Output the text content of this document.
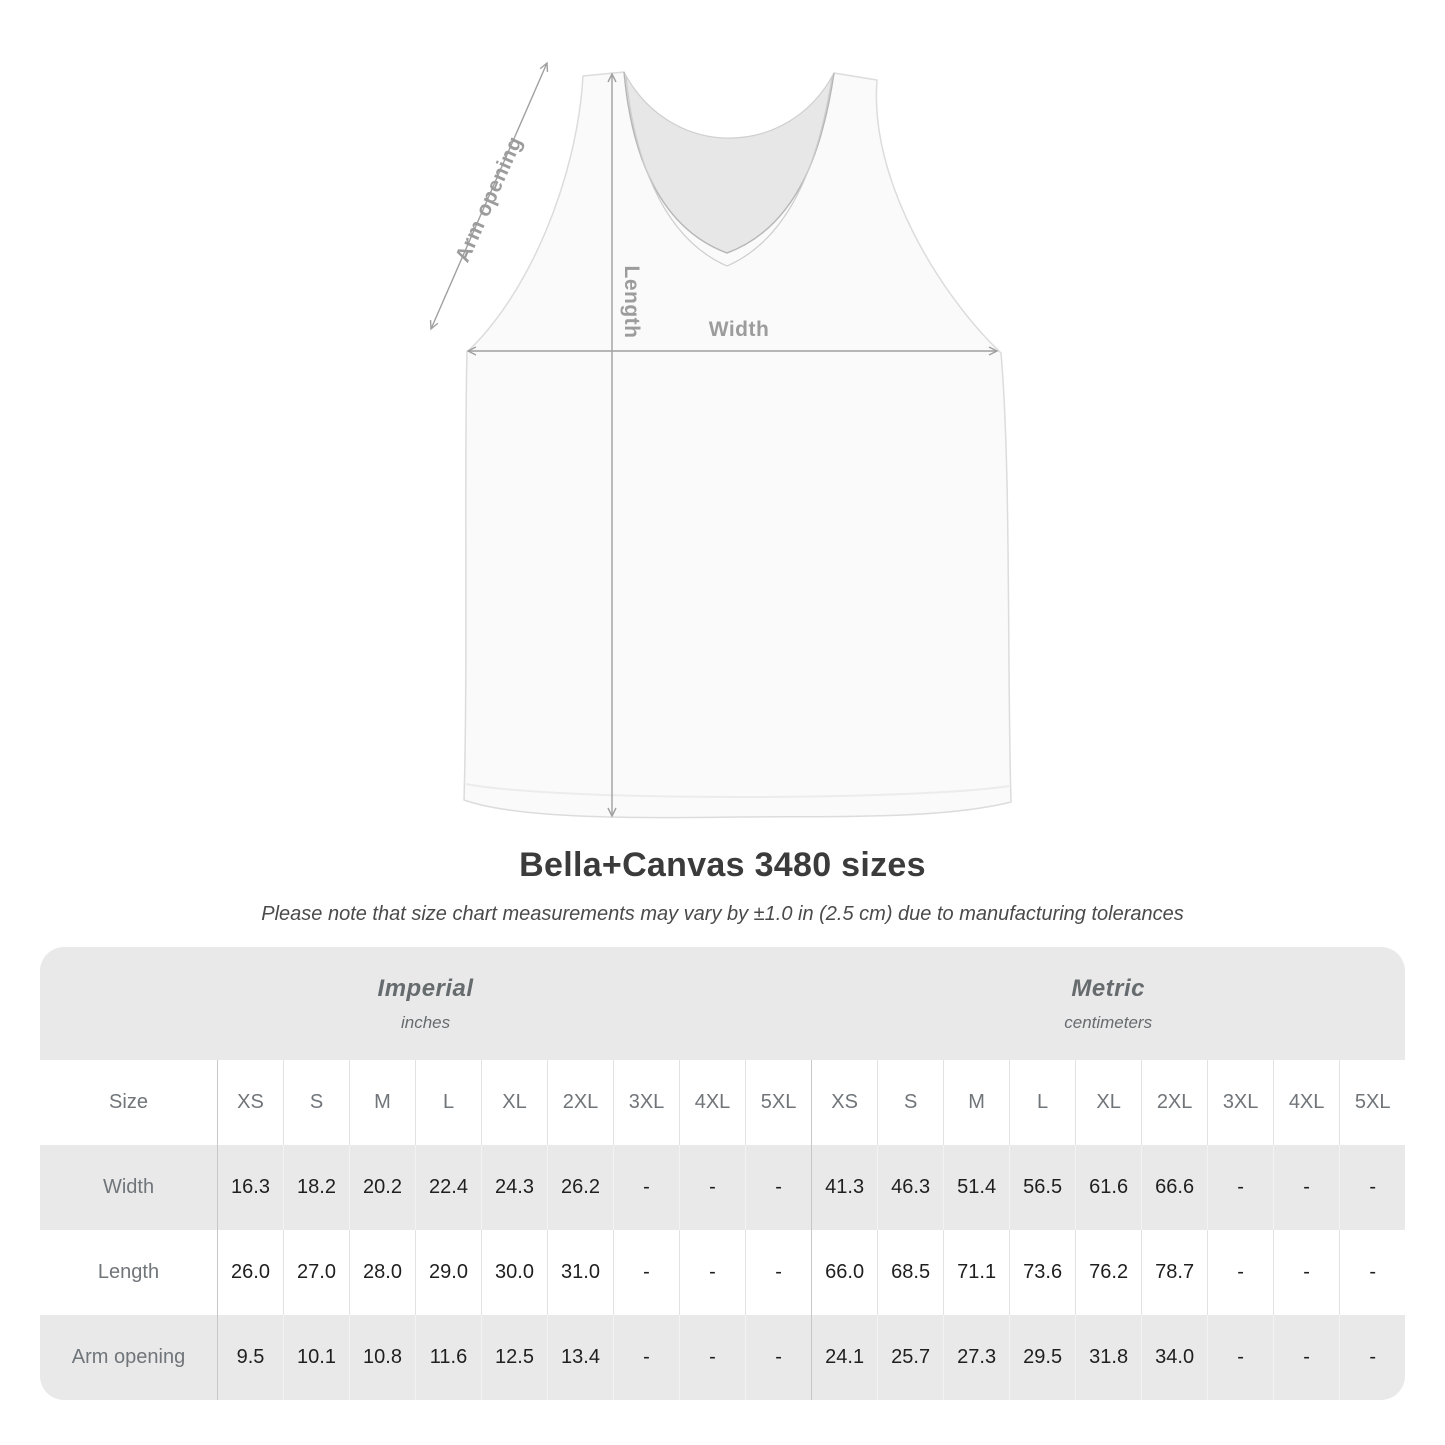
Arm opening
Length	Width
Bella+Canvas 3480 sizes
Please note that size chart measurements may vary by ±1.0 in (2.5 cm) due to manufacturing tolerances
Imperial
inches

Metric
centimeters

Size	XS	S	M	L	XL	2XL	3XL	4XL	5XL	XS	S	M	L	XL	2XL	3XL	4XL	5XL
Width	16.3	18.2	20.2	22.4	24.3	26.2	-	-	-	41.3	46.3	51.4	56.5	61.6	66.6	-	-	-
Length	26.0	27.0	28.0	29.0	30.0	31.0	-	-	-	66.0	68.5	71.1	73.6	76.2	78.7	-	-	-
Arm opening	9.5	10.1	10.8	11.6	12.5	13.4	-	-	-	24.1	25.7	27.3	29.5	31.8	34.0	-	-	-
